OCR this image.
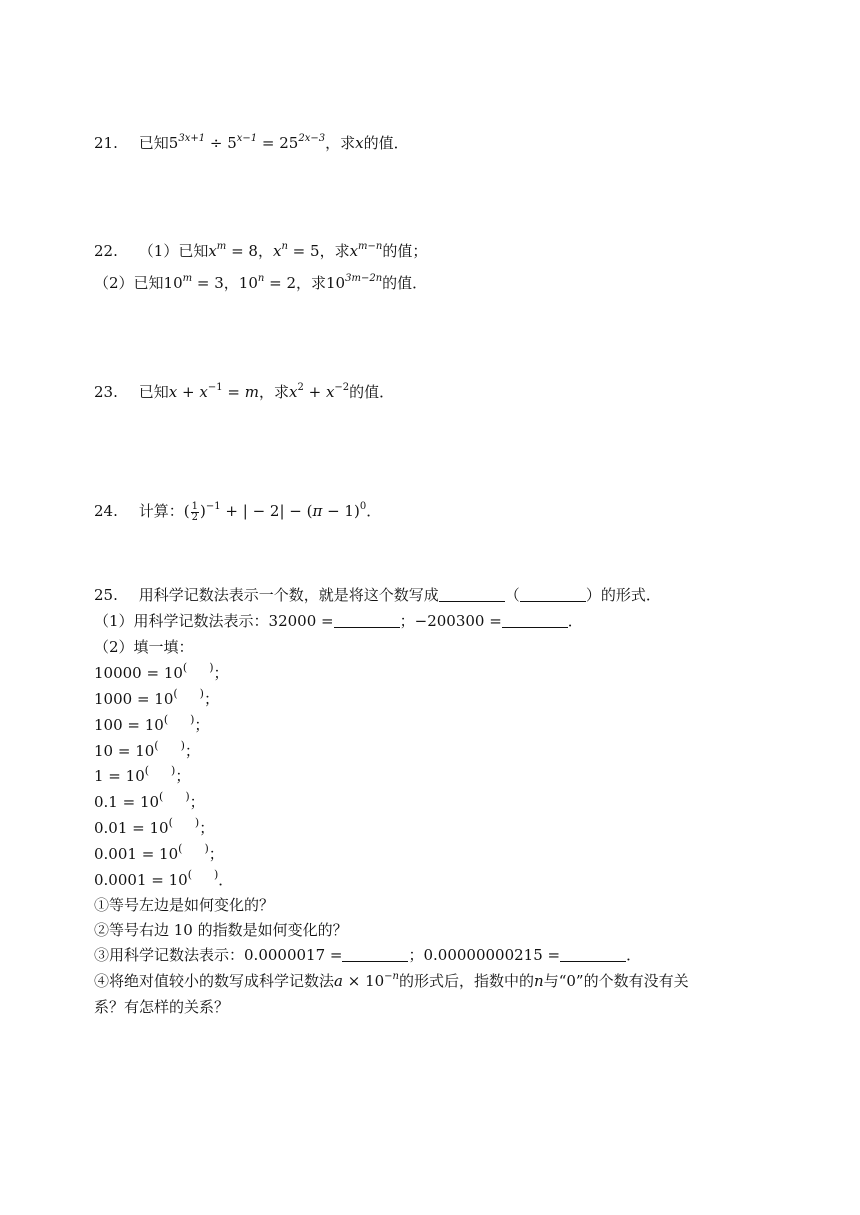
21. 已知$5^{3x+1} \div 5^{x-1} = 25^{2x-3}$，求x的值．
22. （1）已知$x^m = 8$，$x^n = 5$，求$x^{m-n}$的值；
（2）已知$10^m = 3$，$10^n = 2$，求$10^{3m-2n}$的值．
23. 已知$x + x^{-1} = m$，求$x^2 + x^{-2}$的值．
24. 计算：( $\frac{1}{2} )^{-1}$ + | − $2| - (\pi - 1)^0$．
25. 用科学记数法表示一个数，就是将这个数写成	（	）的形式．
（1）用科学记数法表示：32000 =	；−200300 =	．
（2）填一填：
10000 = 10( )；
1000 = 10( )；
100 = 10( )；
10 = 10( )；
1 = 10( )；
0.1 = 10( )；
0.01 = 10( )；
0.001 = 10( )；
0.0001 = 10( )．
①等号左边是如何变化的？
②等号右边 10 的指数是如何变化的？
③用科学记数法表示：0.0000017 =	；0.00000000215 =	．
④将绝对值较小的数写成科学记数法$a \times 10^{-n}$的形式后，指数中的n与“0”的个数有没有关
系？有怎样的关系？
